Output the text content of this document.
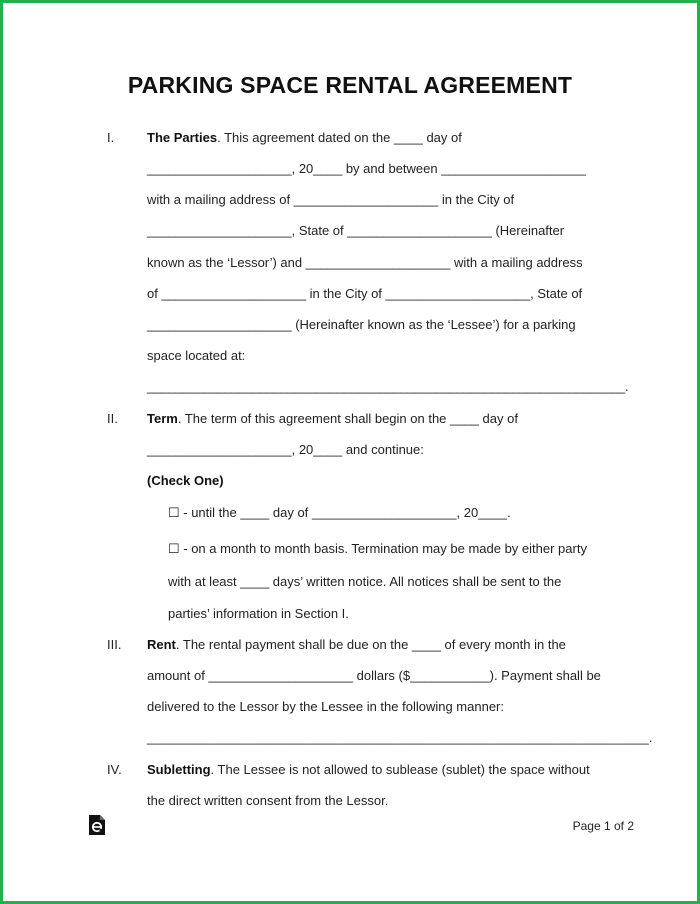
PARKING SPACE RENTAL AGREEMENT
I.	The Parties. This agreement dated on the ____ day of
____________________, 20____ by and between ____________________
with a mailing address of ____________________ in the City of
____________________, State of ____________________ (Hereinafter
known as the ‘Lessor’) and ____________________ with a mailing address
of ____________________ in the City of ____________________, State of
____________________ (Hereinafter known as the ‘Lessee’) for a parking
space located at:
____________________________________________________________________.
II. Term. The term of this agreement shall begin on the ____ day of
____________________, 20____ and continue:
(Check One)
☐ - until the ____ day of ____________________, 20____.
☐ - on a month to month basis. Termination may be made by either party
with at least ____ days’ written notice. All notices shall be sent to the
parties’ information in Section I.
III. Rent. The rental payment shall be due on the ____ of every month in the
amount of ____________________ dollars ($___________). Payment shall be
delivered to the Lessor by the Lessee in the following manner:
____________________________________________________________________.
IV. Subletting. The Lessee is not allowed to sublease (sublet) the space without
the direct written consent from the Lessor.
Page 1 of 2
